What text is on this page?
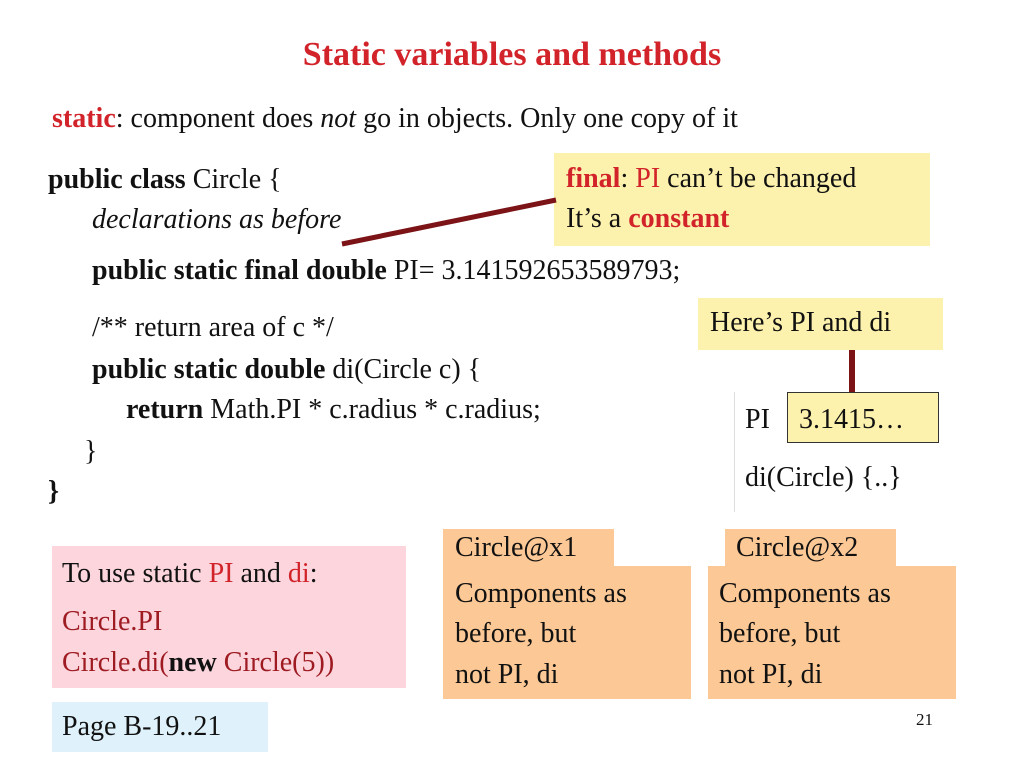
Static variables and methods
static: component does not go in objects. Only one copy of it
public class Circle {
declarations as before
public static final double PI= 3.141592653589793;
/** return area of c */
public static double di(Circle c) {
return Math.PI * c.radius * c.radius;
}
}
final: PI can’t be changed
It’s a constant
Here’s PI and di
PI 3.1415…
di(Circle) {..}
To use static PI and di:
Circle.PI
Circle.di(new Circle(5))
Circle@x1
Components as
before, but
not PI, di
Circle@x2
Components as
before, but
not PI, di
Page B-19..21	21
